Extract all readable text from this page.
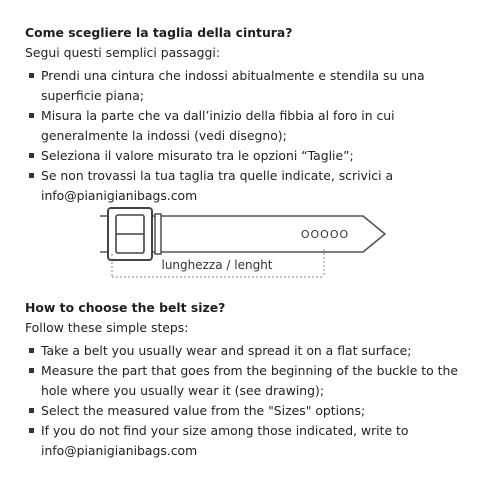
Come scegliere la taglia della cintura?

Segui questi semplici passaggi:

Prendi una cintura che indossi abitualmente e stendila su una superficie piana;
Misura la parte che va dall’inizio della fibbia al foro in cui generalmente la indossi (vedi disegno);
Seleziona il valore misurato tra le opzioni “Taglie”;
Se non trovassi la tua taglia tra quelle indicate, scrivici a info@pianigianibags.com
OOOOO
lunghezza / lenght
How to choose the belt size?

Follow these simple steps:

Take a belt you usually wear and spread it on a flat surface;
Measure the part that goes from the beginning of the buckle to the hole where you usually wear it (see drawing);
Select the measured value from the "Sizes" options;
If you do not find your size among those indicated, write to info@pianigianibags.com
